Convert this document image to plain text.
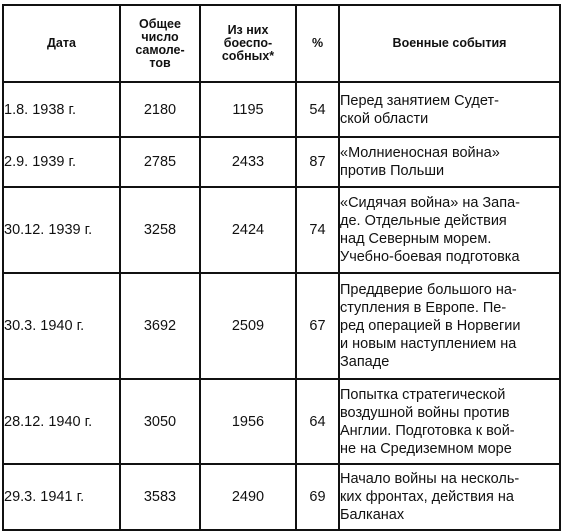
Дата	Общее
число
самоле-
тов	Из них
боеспо-
собных*	%	Военные события
1.8. 1938 г.	2180	1195	54	Перед занятием Судет-
ской области

2.9. 1939 г.	2785	2433	87	«Молниеносная война»
против Польши

30.12. 1939 г.	3258	2424	74	«Сидячая война» на Запа-
де. Отдельные действия
над Северным морем.
Учебно-боевая подготовка

30.3. 1940 г.	3692	2509	67	Преддверие большого на-
ступления в Европе. Пе-
ред операцией в Норвегии
и новым наступлением на
Западе

28.12. 1940 г.	3050	1956	64	Попытка стратегической
воздушной войны против
Англии. Подготовка к вой-
не на Средиземном море

29.3. 1941 г.	3583	2490	69	Начало войны на несколь-
ких фронтах, действия на
Балканах
